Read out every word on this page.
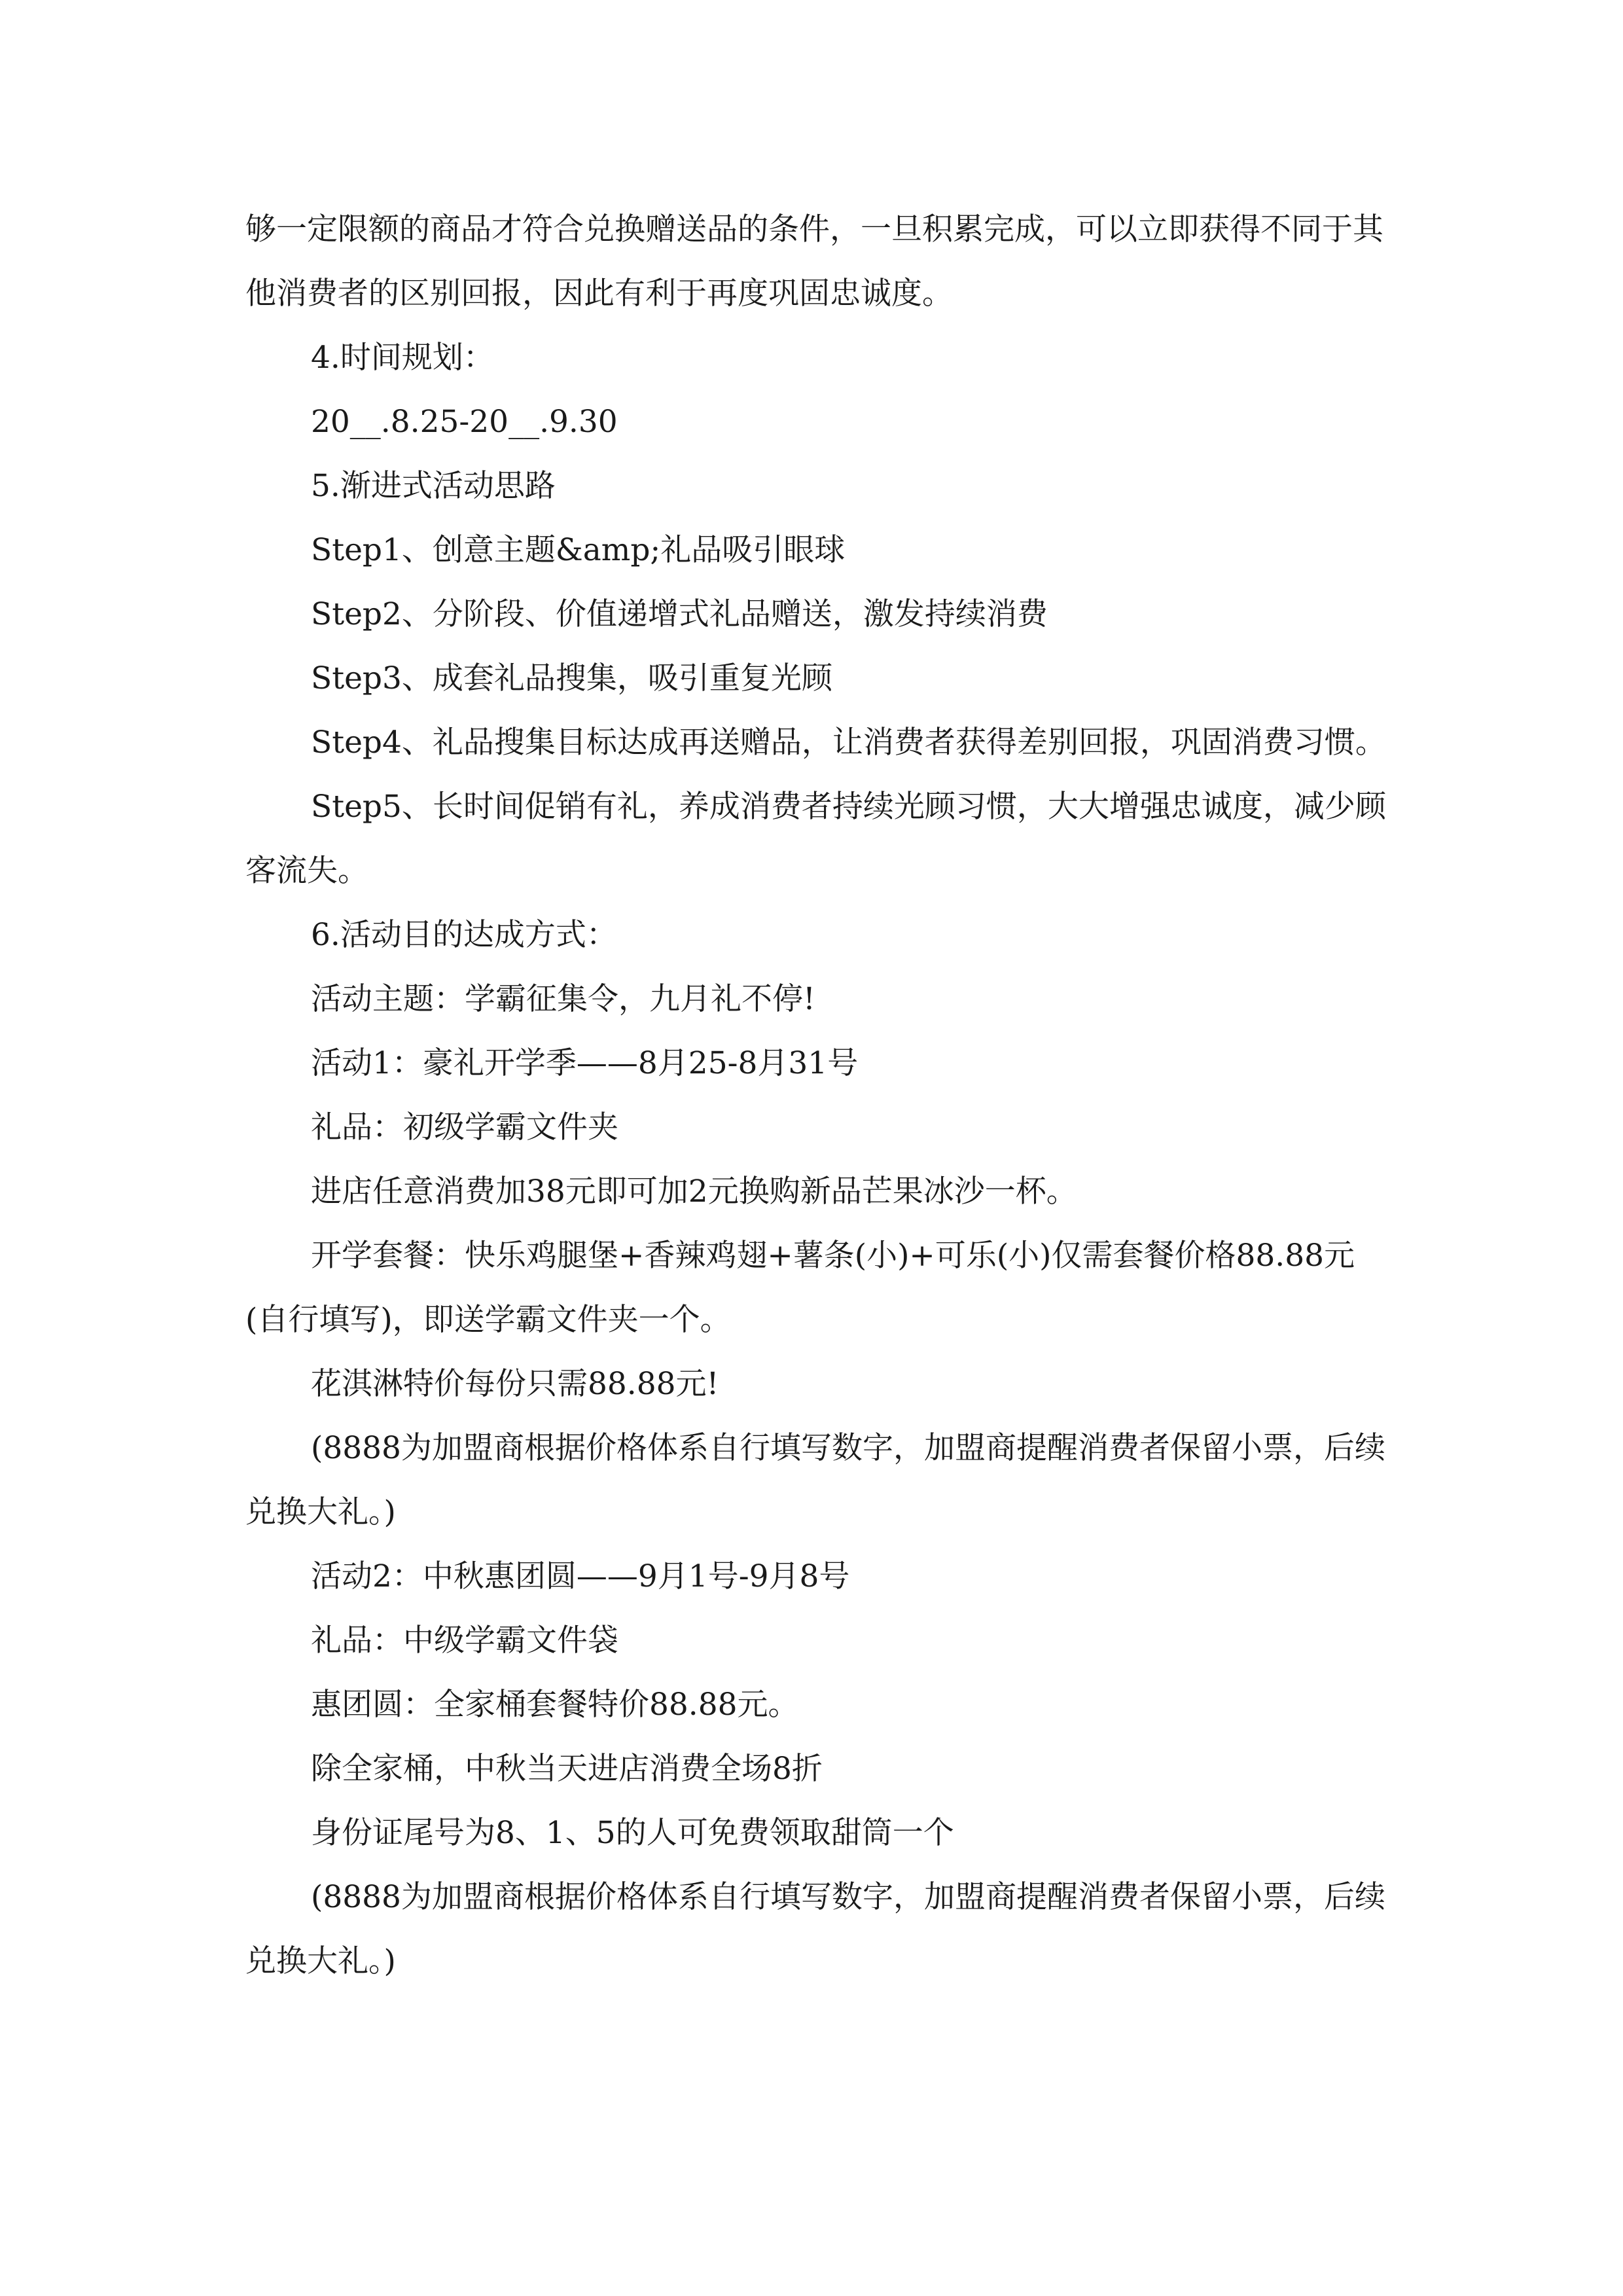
够一定限额的商品才符合兑换赠送品的条件，一旦积累完成，可以立即获得不同于其他消费者的区别回报，因此有利于再度巩固忠诚度。

4.时间规划：

20__.8.25-20__.9.30

5.渐进式活动思路

Step1、创意主题&amp;礼品吸引眼球

Step2、分阶段、价值递增式礼品赠送，激发持续消费

Step3、成套礼品搜集，吸引重复光顾

Step4、礼品搜集目标达成再送赠品，让消费者获得差别回报，巩固消费习惯。

Step5、长时间促销有礼，养成消费者持续光顾习惯，大大增强忠诚度，减少顾客流失。

6.活动目的达成方式：

活动主题：学霸征集令，九月礼不停!

活动1：豪礼开学季——8月25-8月31号

礼品：初级学霸文件夹

进店任意消费加38元即可加2元换购新品芒果冰沙一杯。

开学套餐：快乐鸡腿堡+香辣鸡翅+薯条(小)+可乐(小)仅需套餐价格88.88元(自行填写)，即送学霸文件夹一个。

花淇淋特价每份只需88.88元!

(8888为加盟商根据价格体系自行填写数字，加盟商提醒消费者保留小票，后续兑换大礼。)

活动2：中秋惠团圆——9月1号-9月8号

礼品：中级学霸文件袋

惠团圆：全家桶套餐特价88.88元。

除全家桶，中秋当天进店消费全场8折

身份证尾号为8、1、5的人可免费领取甜筒一个

(8888为加盟商根据价格体系自行填写数字，加盟商提醒消费者保留小票，后续兑换大礼。)
